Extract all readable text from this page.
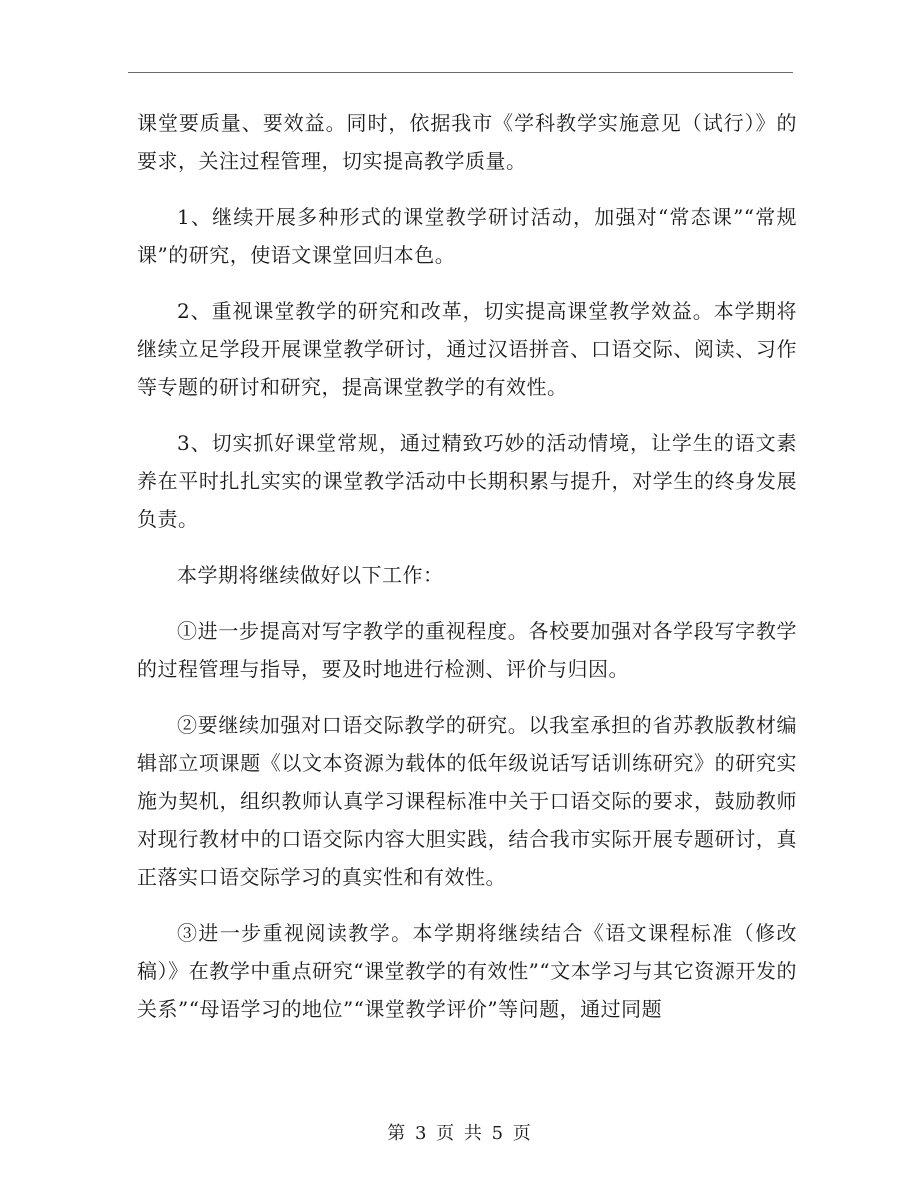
课堂要质量、要效益。同时，依据我市《学科教学实施意见（试行）》的要求，关注过程管理，切实提高教学质量。

1、继续开展多种形式的课堂教学研讨活动，加强对“常态课”“常规课”的研究，使语文课堂回归本色。

2、重视课堂教学的研究和改革，切实提高课堂教学效益。本学期将继续立足学段开展课堂教学研讨，通过汉语拼音、口语交际、阅读、习作等专题的研讨和研究，提高课堂教学的有效性。

3、切实抓好课堂常规，通过精致巧妙的活动情境，让学生的语文素养在平时扎扎实实的课堂教学活动中长期积累与提升，对学生的终身发展负责。

本学期将继续做好以下工作：

①进一步提高对写字教学的重视程度。各校要加强对各学段写字教学的过程管理与指导，要及时地进行检测、评价与归因。

②要继续加强对口语交际教学的研究。以我室承担的省苏教版教材编辑部立项课题《以文本资源为载体的低年级说话写话训练研究》的研究实施为契机，组织教师认真学习课程标准中关于口语交际的要求，鼓励教师对现行教材中的口语交际内容大胆实践，结合我市实际开展专题研讨，真正落实口语交际学习的真实性和有效性。

③进一步重视阅读教学。本学期将继续结合《语文课程标准（修改稿）》在教学中重点研究“课堂教学的有效性”“文本学习与其它资源开发的关系”“母语学习的地位”“课堂教学评价”等问题，通过同题

第 3 页 共 5 页
